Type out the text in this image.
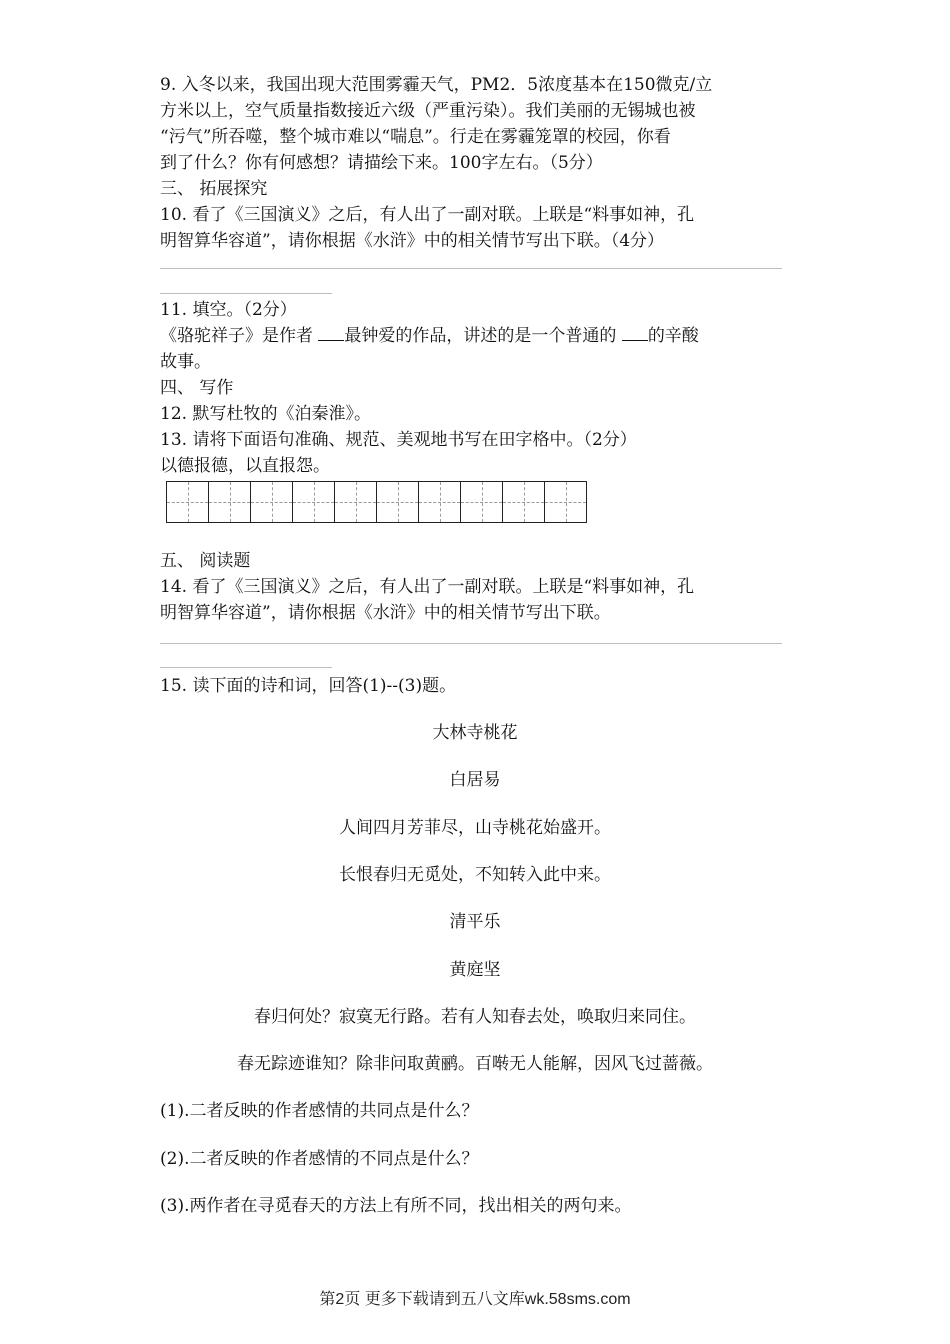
9. 入冬以来，我国出现大范围雾霾天气，PM2．5浓度基本在150微克/立
方米以上，空气质量指数接近六级（严重污染）。我们美丽的无锡城也被
“污气”所吞噬，整个城市难以“喘息”。行走在雾霾笼罩的校园，你看
到了什么？你有何感想？请描绘下来。100字左右。（5分）
三、 拓展探究
10. 看了《三国演义》之后，有人出了一副对联。上联是“料事如神，孔
明智算华容道”，请你根据《水浒》中的相关情节写出下联。（4分）
11. 填空。（2分）
《骆驼祥子》是作者 最钟爱的作品，讲述的是一个普通的 的辛酸
故事。
四、 写作
12. 默写杜牧的《泊秦淮》。
13. 请将下面语句准确、规范、美观地书写在田字格中。（2分）
以德报德，以直报怨。
五、 阅读题
14. 看了《三国演义》之后，有人出了一副对联。上联是“料事如神，孔
明智算华容道”，请你根据《水浒》中的相关情节写出下联。
15. 读下面的诗和词，回答(1)--(3)题。
大林寺桃花
白居易
人间四月芳菲尽，山寺桃花始盛开。
长恨春归无觅处，不知转入此中来。
清平乐
黄庭坚
春归何处？寂寞无行路。若有人知春去处，唤取归来同住。
春无踪迹谁知？除非问取黄鹂。百啭无人能解，因风飞过蔷薇。
(1).二者反映的作者感情的共同点是什么？
(2).二者反映的作者感情的不同点是什么？
(3).两作者在寻觅春天的方法上有所不同，找出相关的两句来。
第2页 更多下载请到五八文库wk.58sms.com
